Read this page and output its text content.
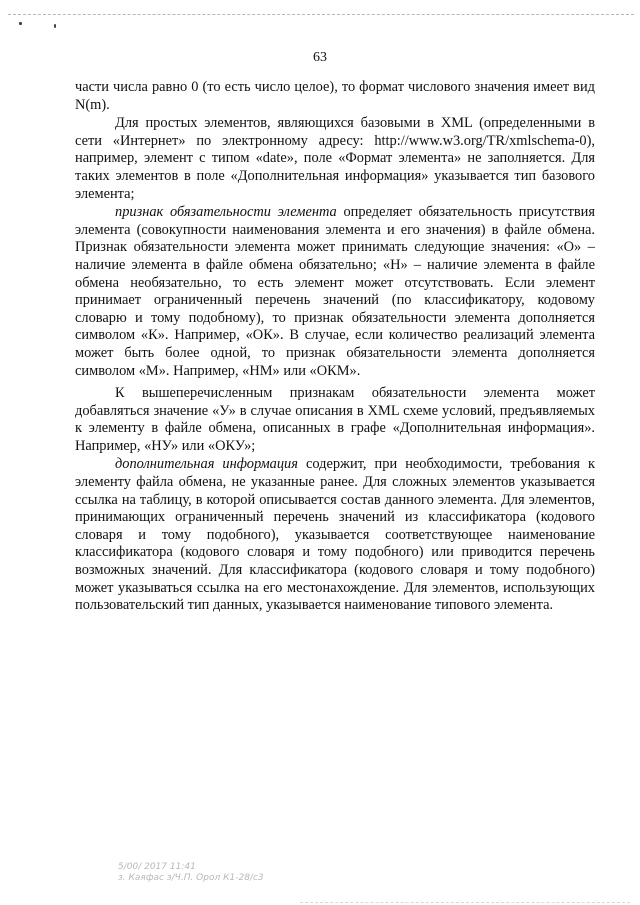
63

части числа равно 0 (то есть число целое), то формат числового значения имеет вид N(m).

Для простых элементов, являющихся базовыми в XML (определенными в сети «Интернет» по электронному адресу: http://www.w3.org/TR/xmlschema-0), например, элемент с типом «date», поле «Формат элемента» не заполняется. Для таких элементов в поле «Дополнительная информация» указывается тип базового элемента;

признак обязательности элемента определяет обязательность присутствия элемента (совокупности наименования элемента и его значения) в файле обмена. Признак обязательности элемента может принимать следующие значения: «О» – наличие элемента в файле обмена обязательно; «Н» – наличие элемента в файле обмена необязательно, то есть элемент может отсутствовать. Если элемент принимает ограниченный перечень значений (по классификатору, кодовому словарю и тому подобному), то признак обязательности элемента дополняется символом «К». Например, «ОК». В случае, если количество реализаций элемента может быть более одной, то признак обязательности элемента дополняется символом «М». Например, «НМ» или «ОКМ».

К вышеперечисленным признакам обязательности элемента может добавляться значение «У» в случае описания в XML схеме условий, предъявляемых к элементу в файле обмена, описанных в графе «Дополнительная информация». Например, «НУ» или «ОКУ»;

дополнительная информация содержит, при необходимости, требования к элементу файла обмена, не указанные ранее. Для сложных элементов указывается ссылка на таблицу, в которой описывается состав данного элемента. Для элементов, принимающих ограниченный перечень значений из классификатора (кодового словаря и тому подобного), указывается соответствующее наименование классификатора (кодового словаря и тому подобного) или приводится перечень возможных значений. Для классификатора (кодового словаря и тому подобного) может указываться ссылка на его местонахождение. Для элементов, использующих пользовательский тип данных, указывается наименование типового элемента.

5/00/ 2017 11:41
з. Каяфас з/Ч.П. Орол К1-28/с3
